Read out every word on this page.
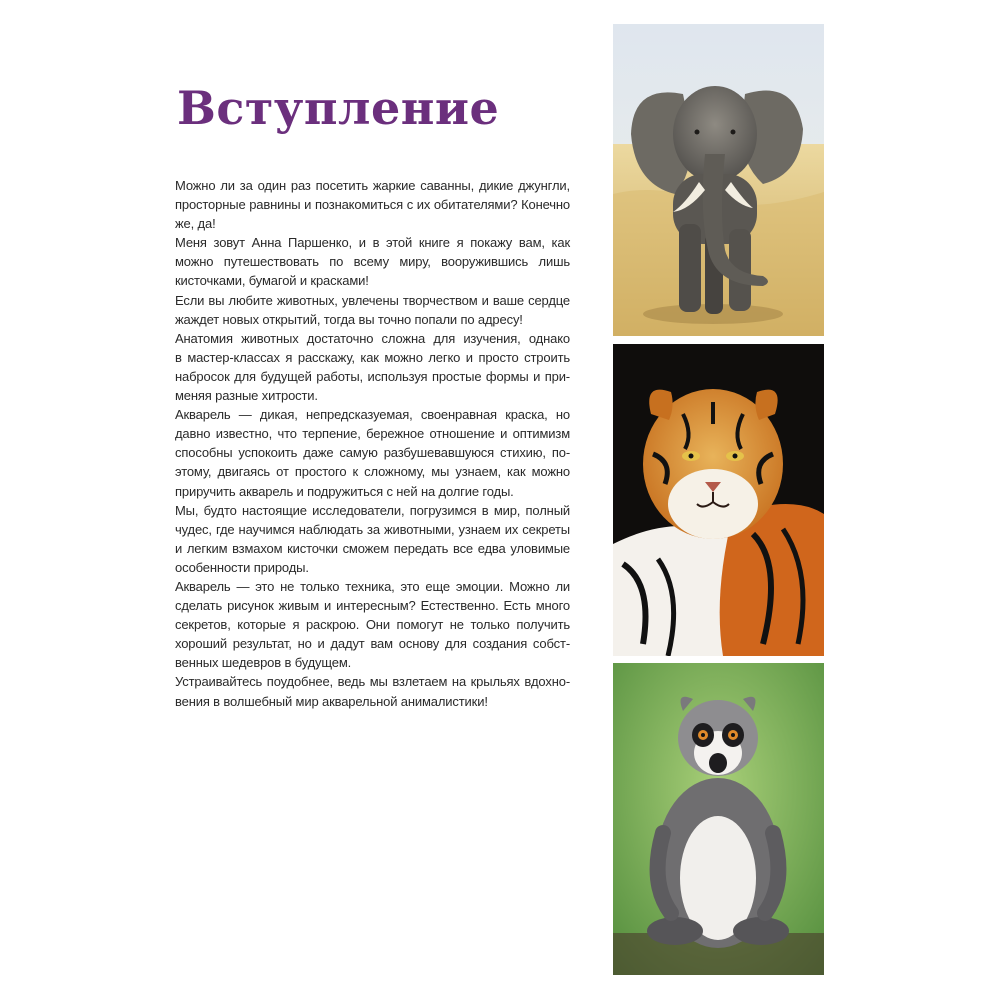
Вступление
Можно ли за один раз посетить жаркие саванны, дикие джунгли,
просторные равнины и познакомиться с их обитателями? Конечно
же, да!
Меня зовут Анна Паршенко, и в этой книге я покажу вам, как
можно путешествовать по всему миру, вооружившись лишь
кисточками, бумагой и красками!
Если вы любите животных, увлечены творчеством и ваше сердце
жаждет новых открытий, тогда вы точно попали по адресу!
Анатомия животных достаточно сложна для изучения, однако
в мастер-классах я расскажу, как можно легко и просто строить
набросок для будущей работы, используя простые формы и при-
меняя разные хитрости.
Акварель — дикая, непредсказуемая, своенравная краска, но
давно известно, что терпение, бережное отношение и оптимизм
способны успокоить даже самую разбушевавшуюся стихию, по-
этому, двигаясь от простого к сложному, мы узнаем, как можно
приручить акварель и подружиться с ней на долгие годы.
Мы, будто настоящие исследователи, погрузимся в мир, полный
чудес, где научимся наблюдать за животными, узнаем их секреты
и легким взмахом кисточки сможем передать все едва уловимые
особенности природы.
Акварель — это не только техника, это еще эмоции. Можно ли
сделать рисунок живым и интересным? Естественно. Есть много
секретов, которые я раскрою. Они помогут не только получить
хороший результат, но и дадут вам основу для создания собст-
венных шедевров в будущем.
Устраивайтесь поудобнее, ведь мы взлетаем на крыльях вдохно-
вения в волшебный мир акварельной анималистики!
